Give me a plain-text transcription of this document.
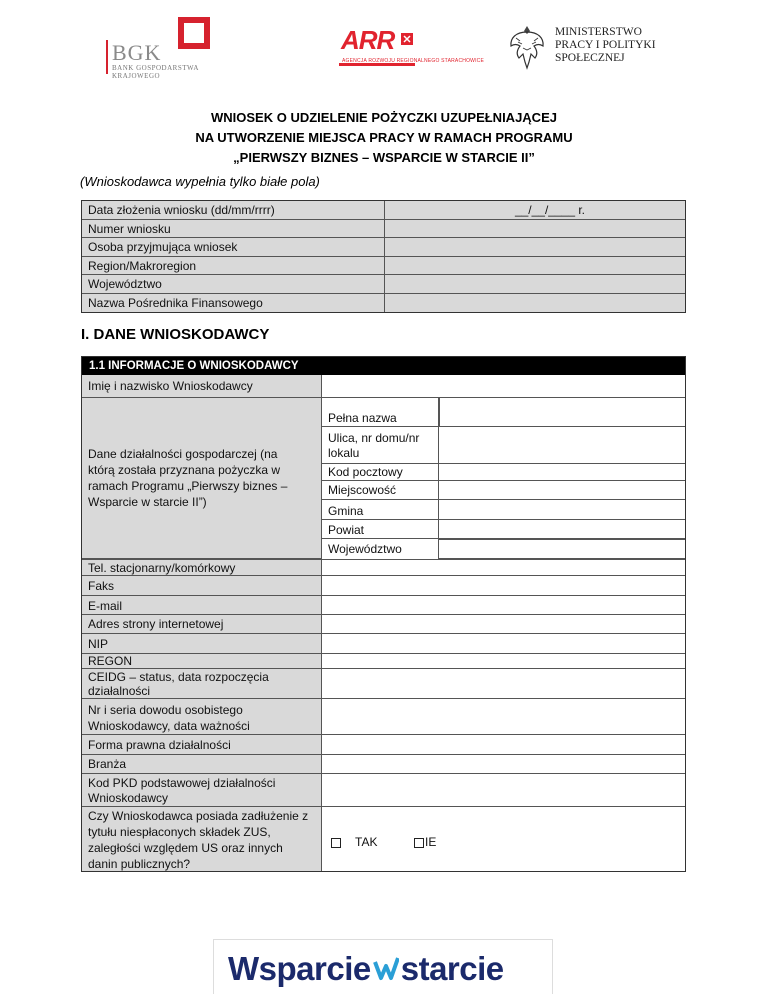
BGK
BANK GOSPODARSTWA
KRAJOWEGO
ARR
AGENCJA ROZWOJU REGIONALNEGO STARACHOWICE
MINISTERSTWO
PRACY I POLITYKI
SPOŁECZNEJ
WNIOSEK O UDZIELENIE POŻYCZKI UZUPEŁNIAJĄCEJ
NA UTWORZENIE MIEJSCA PRACY W RAMACH PROGRAMU
„PIERWSZY BIZNES – WSPARCIE W STARCIE II”
(Wnioskodawca wypełnia tylko białe pola)
Data złożenia wniosku (dd/mm/rrrr)	__/__/____ r.
Numer wniosku
Osoba przyjmująca wniosek
Region/Makroregion
Województwo
Nazwa Pośrednika Finansowego
I. DANE WNIOSKODAWCY
1.1 INFORMACJE O WNIOSKODAWCY
Imię i nazwisko Wnioskodawcy
Dane działalności gospodarczej (na którą została przyznana pożyczka w ramach Programu „Pierwszy biznes – Wsparcie w starcie II”)
Pełna nazwa
Ulica, nr domu/nr lokalu
Kod pocztowy
Miejscowość
Gmina
Powiat
Województwo
Tel. stacjonarny/komórkowy
Faks
E-mail
Adres strony internetowej
NIP
REGON
CEIDG – status, data rozpoczęcia działalności
Nr i seria dowodu osobistego Wnioskodawcy, data ważności
Forma prawna działalności
Branża
Kod PKD podstawowej działalności Wnioskodawcy
Czy Wnioskodawca posiada zadłużenie z tytułu niespłaconych składek ZUS, zaległości względem US oraz innych danin publicznych?
TAK	IE
Wsparcie starcie
